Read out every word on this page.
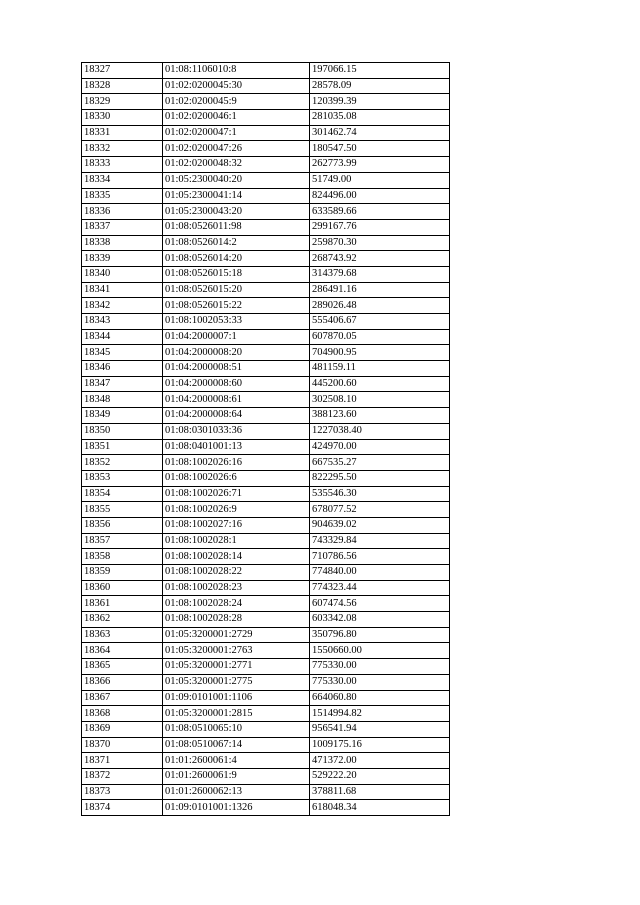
18327	01:08:1106010:8	197066.15
18328	01:02:0200045:30	28578.09
18329	01:02:0200045:9	120399.39
18330	01:02:0200046:1	281035.08
18331	01:02:0200047:1	301462.74
18332	01:02:0200047:26	180547.50
18333	01:02:0200048:32	262773.99
18334	01:05:2300040:20	51749.00
18335	01:05:2300041:14	824496.00
18336	01:05:2300043:20	633589.66
18337	01:08:0526011:98	299167.76
18338	01:08:0526014:2	259870.30
18339	01:08:0526014:20	268743.92
18340	01:08:0526015:18	314379.68
18341	01:08:0526015:20	286491.16
18342	01:08:0526015:22	289026.48
18343	01:08:1002053:33	555406.67
18344	01:04:2000007:1	607870.05
18345	01:04:2000008:20	704900.95
18346	01:04:2000008:51	481159.11
18347	01:04:2000008:60	445200.60
18348	01:04:2000008:61	302508.10
18349	01:04:2000008:64	388123.60
18350	01:08:0301033:36	1227038.40
18351	01:08:0401001:13	424970.00
18352	01:08:1002026:16	667535.27
18353	01:08:1002026:6	822295.50
18354	01:08:1002026:71	535546.30
18355	01:08:1002026:9	678077.52
18356	01:08:1002027:16	904639.02
18357	01:08:1002028:1	743329.84
18358	01:08:1002028:14	710786.56
18359	01:08:1002028:22	774840.00
18360	01:08:1002028:23	774323.44
18361	01:08:1002028:24	607474.56
18362	01:08:1002028:28	603342.08
18363	01:05:3200001:2729	350796.80
18364	01:05:3200001:2763	1550660.00
18365	01:05:3200001:2771	775330.00
18366	01:05:3200001:2775	775330.00
18367	01:09:0101001:1106	664060.80
18368	01:05:3200001:2815	1514994.82
18369	01:08:0510065:10	956541.94
18370	01:08:0510067:14	1009175.16
18371	01:01:2600061:4	471372.00
18372	01:01:2600061:9	529222.20
18373	01:01:2600062:13	378811.68
18374	01:09:0101001:1326	618048.34
